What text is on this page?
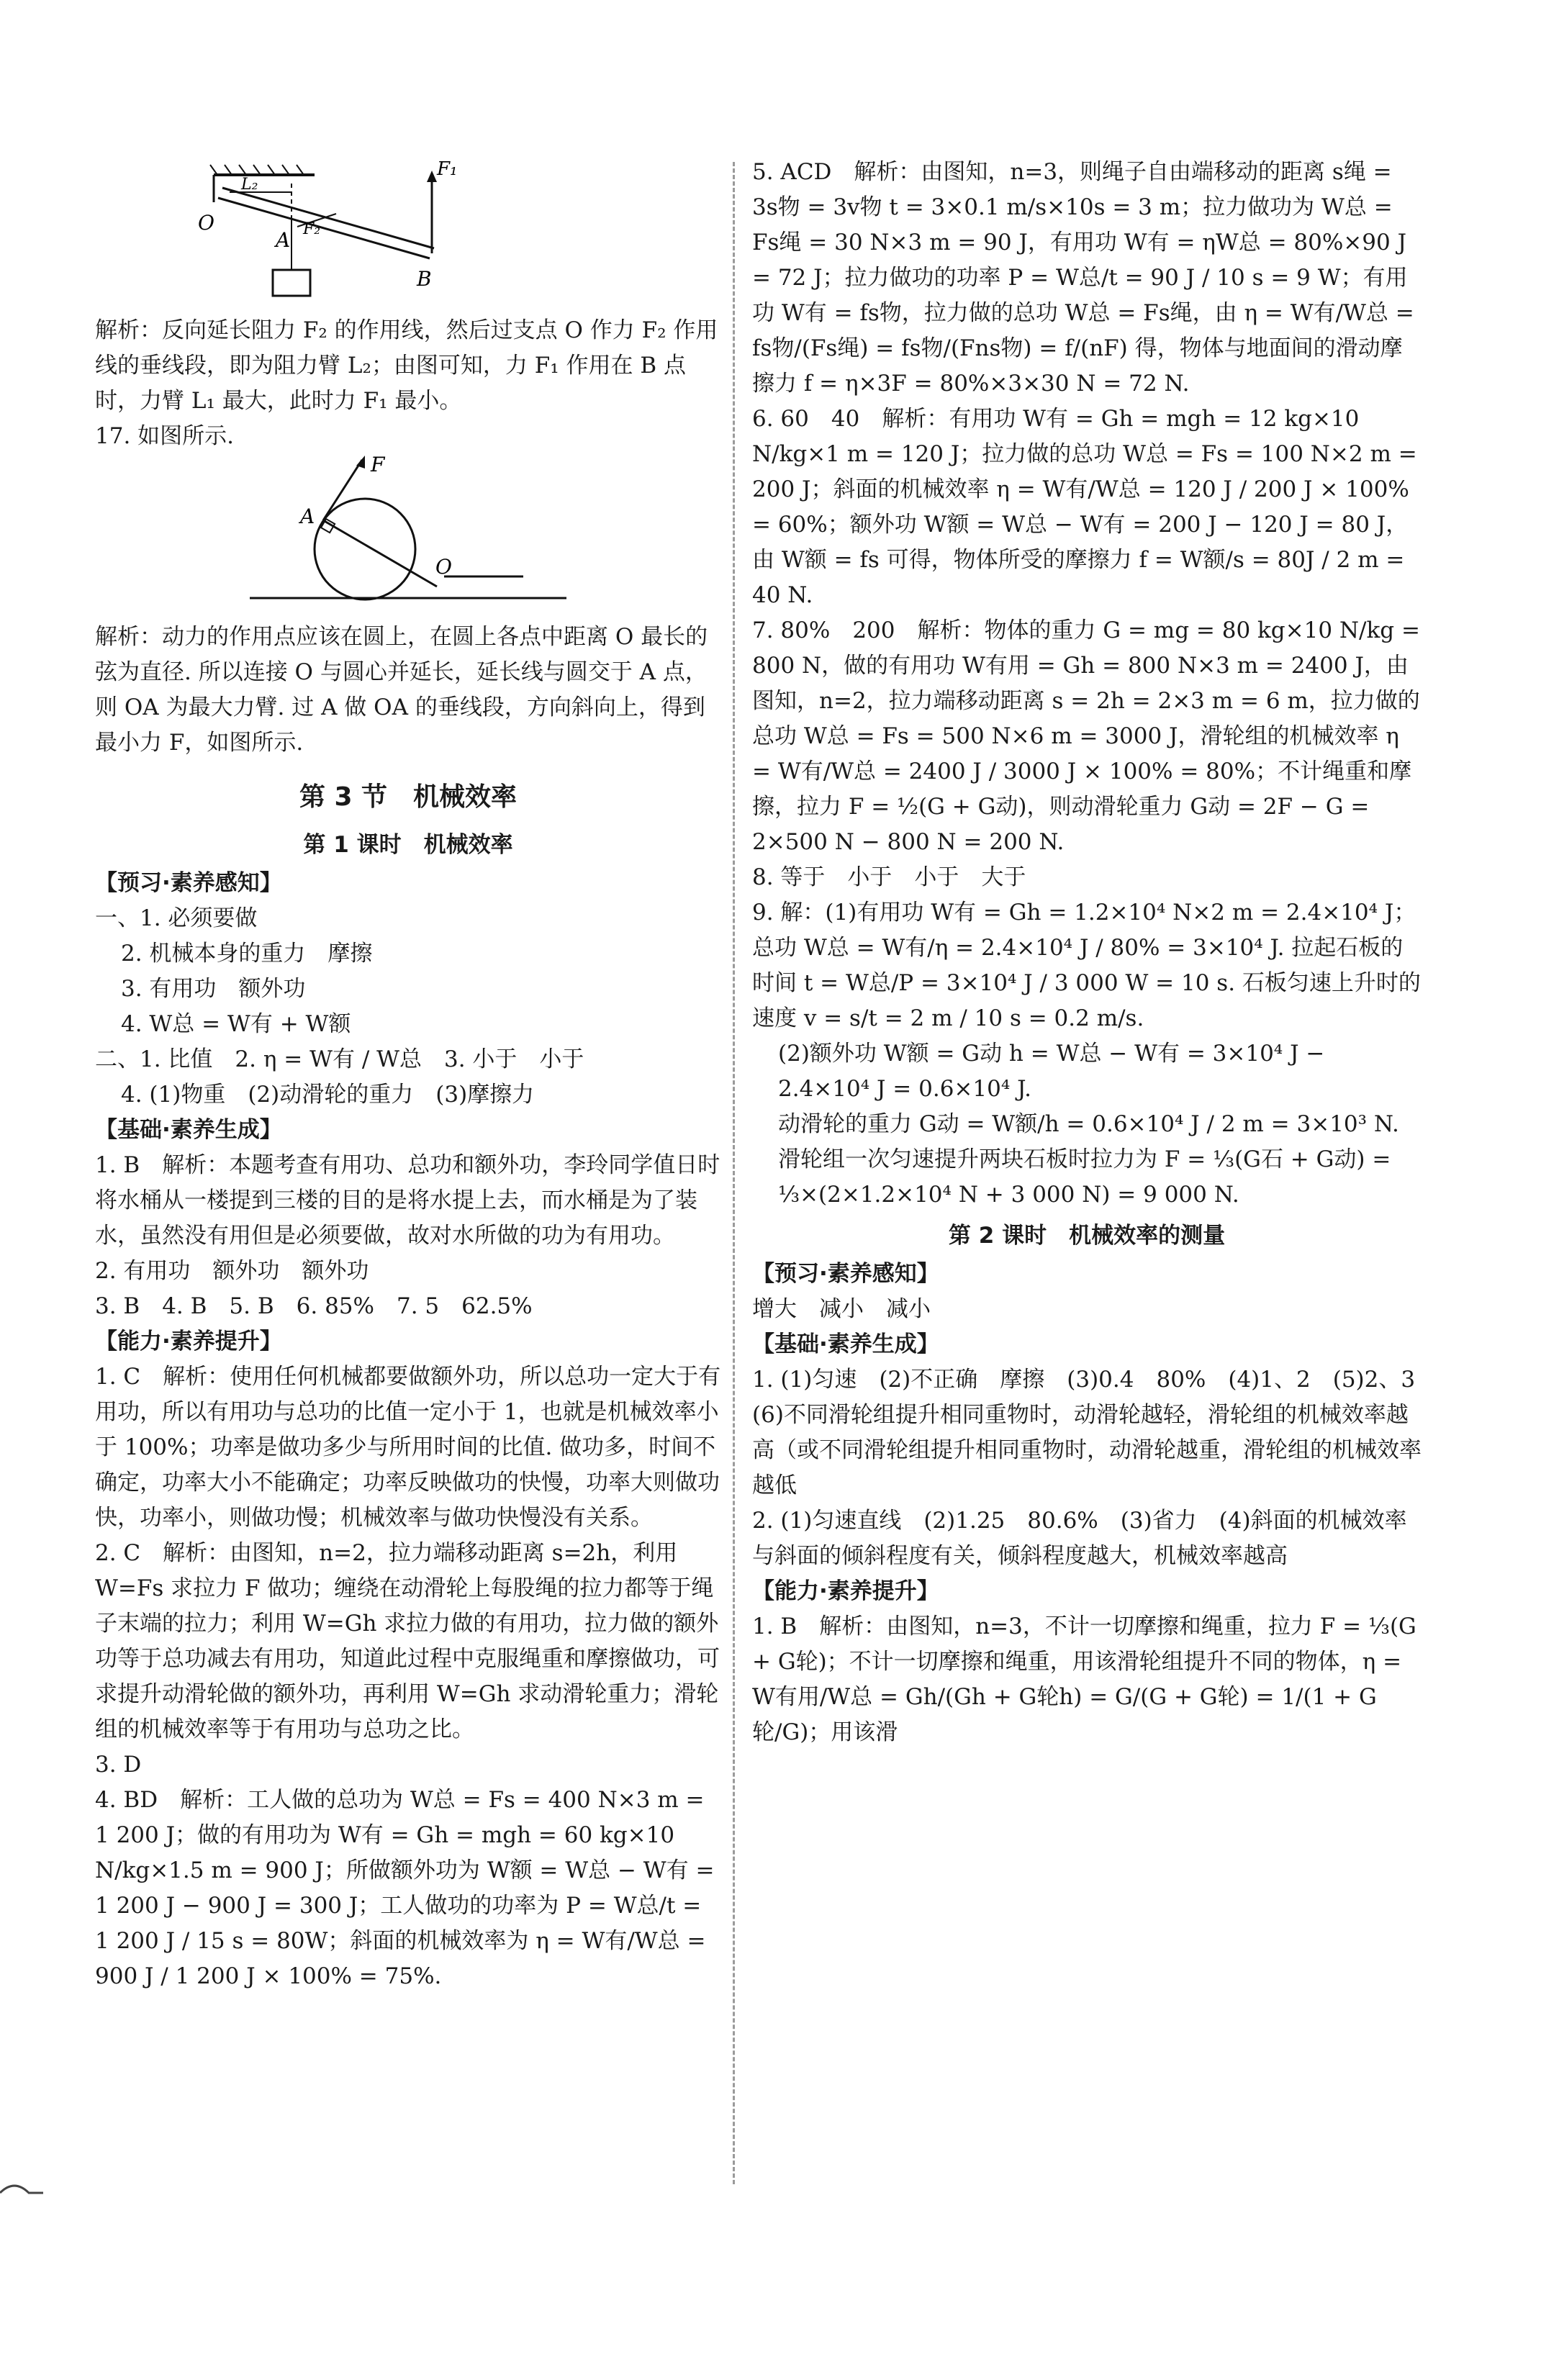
O
L₂
A F₂
B
F₁

解析：反向延长阻力 F₂ 的作用线，然后过支点 O 作力 F₂ 作用线的垂线段，即为阻力臂 L₂；由图可知，力 F₁ 作用在 B 点时，力臂 L₁ 最大，此时力 F₁ 最小。

17. 如图所示.

F
A
O

解析：动力的作用点应该在圆上，在圆上各点中距离 O 最长的弦为直径. 所以连接 O 与圆心并延长，延长线与圆交于 A 点，则 OA 为最大力臂. 过 A 做 OA 的垂线段，方向斜向上，得到最小力 F，如图所示.

第 3 节　机械效率

第 1 课时　机械效率

【预习·素养感知】

一、1. 必须要做

2. 机械本身的重力　摩擦

3. 有用功　额外功

4. W总 = W有 + W额

二、1. 比值　2. η = W有 / W总　3. 小于　小于

4. (1)物重　(2)动滑轮的重力　(3)摩擦力

【基础·素养生成】

1. B　解析：本题考查有用功、总功和额外功，李玲同学值日时将水桶从一楼提到三楼的目的是将水提上去，而水桶是为了装水，虽然没有用但是必须要做，故对水所做的功为有用功。

2. 有用功　额外功　额外功

3. B　4. B　5. B　6. 85%　7. 5　62.5%

【能力·素养提升】

1. C　解析：使用任何机械都要做额外功，所以总功一定大于有用功，所以有用功与总功的比值一定小于 1，也就是机械效率小于 100%；功率是做功多少与所用时间的比值. 做功多，时间不确定，功率大小不能确定；功率反映做功的快慢，功率大则做功快，功率小，则做功慢；机械效率与做功快慢没有关系。

2. C　解析：由图知，n=2，拉力端移动距离 s=2h，利用 W=Fs 求拉力 F 做功；缠绕在动滑轮上每股绳的拉力都等于绳子末端的拉力；利用 W=Gh 求拉力做的有用功，拉力做的额外功等于总功减去有用功，知道此过程中克服绳重和摩擦做功，可求提升动滑轮做的额外功，再利用 W=Gh 求动滑轮重力；滑轮组的机械效率等于有用功与总功之比。

3. D

4. BD　解析：工人做的总功为 W总 = Fs = 400 N×3 m = 1 200 J；做的有用功为 W有 = Gh = mgh = 60 kg×10 N/kg×1.5 m = 900 J；所做额外功为 W额 = W总 − W有 = 1 200 J − 900 J = 300 J；工人做功的功率为 P = W总/t = 1 200 J / 15 s = 80W；斜面的机械效率为 η = W有/W总 = 900 J / 1 200 J × 100% = 75%.

5. ACD　解析：由图知，n=3，则绳子自由端移动的距离 s绳 = 3s物 = 3v物 t = 3×0.1 m/s×10s = 3 m；拉力做功为 W总 = Fs绳 = 30 N×3 m = 90 J，有用功 W有 = ηW总 = 80%×90 J = 72 J；拉力做功的功率 P = W总/t = 90 J / 10 s = 9 W；有用功 W有 = fs物，拉力做的总功 W总 = Fs绳，由 η = W有/W总 = fs物/(Fs绳) = fs物/(Fns物) = f/(nF) 得，物体与地面间的滑动摩擦力 f = η×3F = 80%×3×30 N = 72 N.

6. 60　40　解析：有用功 W有 = Gh = mgh = 12 kg×10 N/kg×1 m = 120 J；拉力做的总功 W总 = Fs = 100 N×2 m = 200 J；斜面的机械效率 η = W有/W总 = 120 J / 200 J × 100% = 60%；额外功 W额 = W总 − W有 = 200 J − 120 J = 80 J，由 W额 = fs 可得，物体所受的摩擦力 f = W额/s = 80J / 2 m = 40 N.

7. 80%　200　解析：物体的重力 G = mg = 80 kg×10 N/kg = 800 N，做的有用功 W有用 = Gh = 800 N×3 m = 2400 J，由图知，n=2，拉力端移动距离 s = 2h = 2×3 m = 6 m，拉力做的总功 W总 = Fs = 500 N×6 m = 3000 J，滑轮组的机械效率 η = W有/W总 = 2400 J / 3000 J × 100% = 80%；不计绳重和摩擦，拉力 F = ½(G + G动)，则动滑轮重力 G动 = 2F − G = 2×500 N − 800 N = 200 N.

8. 等于　小于　小于　大于

9. 解：(1)有用功 W有 = Gh = 1.2×10⁴ N×2 m = 2.4×10⁴ J；总功 W总 = W有/η = 2.4×10⁴ J / 80% = 3×10⁴ J. 拉起石板的时间 t = W总/P = 3×10⁴ J / 3 000 W = 10 s. 石板匀速上升时的速度 v = s/t = 2 m / 10 s = 0.2 m/s.

(2)额外功 W额 = G动 h = W总 − W有 = 3×10⁴ J − 2.4×10⁴ J = 0.6×10⁴ J.

动滑轮的重力 G动 = W额/h = 0.6×10⁴ J / 2 m = 3×10³ N.

滑轮组一次匀速提升两块石板时拉力为 F = ⅓(G石 + G动) = ⅓×(2×1.2×10⁴ N + 3 000 N) = 9 000 N.

第 2 课时　机械效率的测量

【预习·素养感知】

增大　减小　减小

【基础·素养生成】

1. (1)匀速　(2)不正确　摩擦　(3)0.4　80%　(4)1、2　(5)2、3　(6)不同滑轮组提升相同重物时，动滑轮越轻，滑轮组的机械效率越高（或不同滑轮组提升相同重物时，动滑轮越重，滑轮组的机械效率越低

2. (1)匀速直线　(2)1.25　80.6%　(3)省力　(4)斜面的机械效率与斜面的倾斜程度有关，倾斜程度越大，机械效率越高

【能力·素养提升】

1. B　解析：由图知，n=3，不计一切摩擦和绳重，拉力 F = ⅓(G + G轮)；不计一切摩擦和绳重，用该滑轮组提升不同的物体，η = W有用/W总 = Gh/(Gh + G轮h) = G/(G + G轮) = 1/(1 + G轮/G)；用该滑
